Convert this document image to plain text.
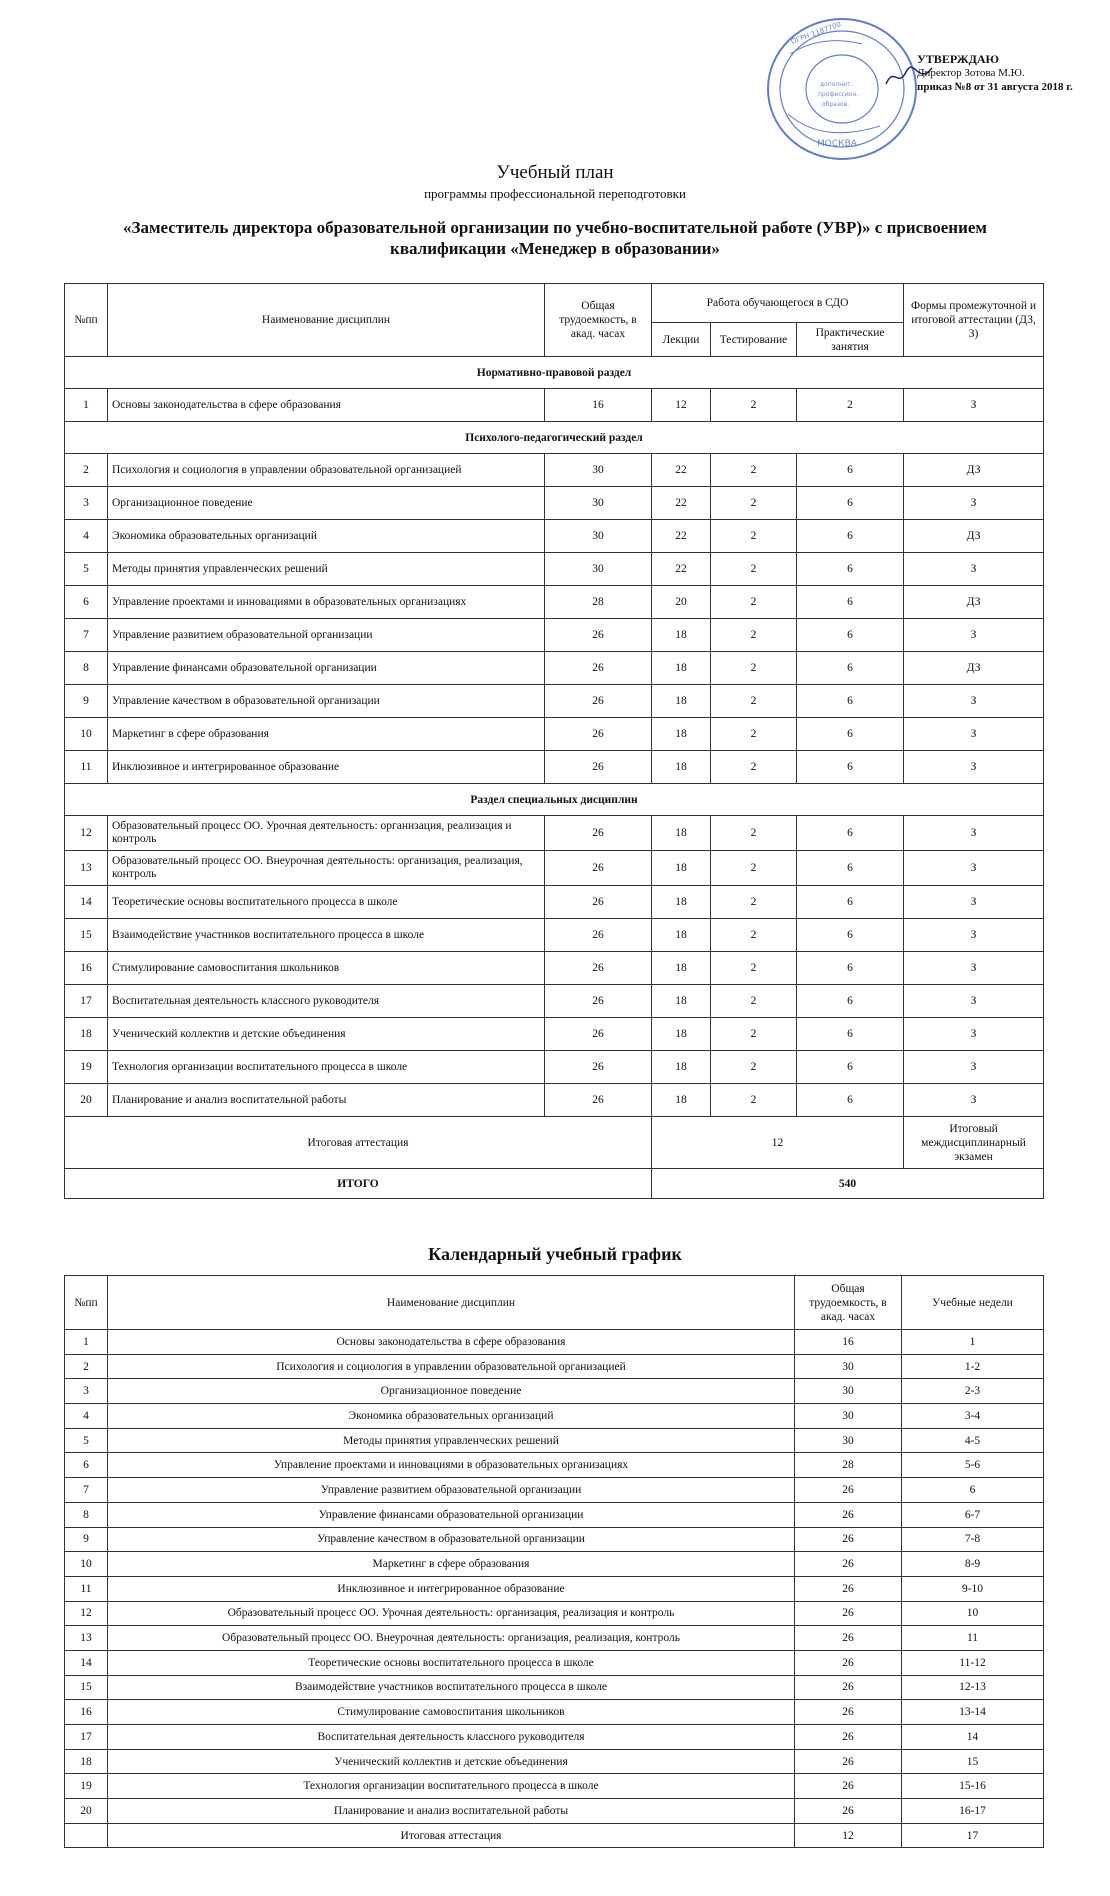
ОГРН 1187700
МОСКВА
дополнит.
профессион.
образов.
УТВЕРЖДАЮ
Директор Зотова М.Ю.
приказ №8 от 31 августа 2018 г.
Учебный план
программы профессиональной переподготовки
«Заместитель директора образовательной организации по учебно-воспитательной работе (УВР)» с присвоением квалификации «Менеджер в образовании»
№пп	Наименование дисциплин	Общая трудоемкость, в акад. часах	Работа обучающегося в СДО			Формы промежуточной и итоговой аттестации (ДЗ, З)
			Лекции	Тестирование	Практические занятия	
Нормативно-правовой раздел						
1	Основы законодательства в сфере образования	16	12	2	2	З
Психолого-педагогический раздел						
2	Психология и социология в управлении образовательной организацией	30	22	2	6	ДЗ
3	Организационное поведение	30	22	2	6	З
4	Экономика образовательных организаций	30	22	2	6	ДЗ
5	Методы принятия управленческих решений	30	22	2	6	З
6	Управление проектами и инновациями в образовательных организациях	28	20	2	6	ДЗ
7	Управление развитием образовательной организации	26	18	2	6	З
8	Управление финансами образовательной организации	26	18	2	6	ДЗ
9	Управление качеством в образовательной организации	26	18	2	6	З
10	Маркетинг в сфере образования	26	18	2	6	З
11	Инклюзивное и интегрированное образование	26	18	2	6	З
Раздел специальных дисциплин						
12	Образовательный процесс ОО. Урочная деятельность: организация, реализация и контроль	26	18	2	6	З
13	Образовательный процесс ОО. Внеурочная деятельность: организация, реализация, контроль	26	18	2	6	З
14	Теоретические основы воспитательного процесса в школе	26	18	2	6	З
15	Взаимодействие участников воспитательного процесса в школе	26	18	2	6	З
16	Стимулирование самовоспитания школьников	26	18	2	6	З
17	Воспитательная деятельность классного руководителя	26	18	2	6	З
18	Ученический коллектив и детские объединения	26	18	2	6	З
19	Технология организации воспитательного процесса в школе	26	18	2	6	З
20	Планирование и анализ воспитательной работы	26	18	2	6	З
Итоговая аттестация			12			Итоговый междисциплинарный экзамен
ИТОГО			540			
Календарный учебный график
№пп	Наименование дисциплин	Общая трудоемкость, в акад. часах	Учебные недели
1	Основы законодательства в сфере образования	16	1
2	Психология и социология в управлении образовательной организацией	30	1-2
3	Организационное поведение	30	2-3
4	Экономика образовательных организаций	30	3-4
5	Методы принятия управленческих решений	30	4-5
6	Управление проектами и инновациями в образовательных организациях	28	5-6
7	Управление развитием образовательной организации	26	6
8	Управление финансами образовательной организации	26	6-7
9	Управление качеством в образовательной организации	26	7-8
10	Маркетинг в сфере образования	26	8-9
11	Инклюзивное и интегрированное образование	26	9-10
12	Образовательный процесс ОО. Урочная деятельность: организация, реализация и контроль	26	10
13	Образовательный процесс ОО. Внеурочная деятельность: организация, реализация, контроль	26	11
14	Теоретические основы воспитательного процесса в школе	26	11-12
15	Взаимодействие участников воспитательного процесса в школе	26	12-13
16	Стимулирование самовоспитания школьников	26	13-14
17	Воспитательная деятельность классного руководителя	26	14
18	Ученический коллектив и детские объединения	26	15
19	Технология организации воспитательного процесса в школе	26	15-16
20	Планирование и анализ воспитательной работы	26	16-17
	Итоговая аттестация	12	17
